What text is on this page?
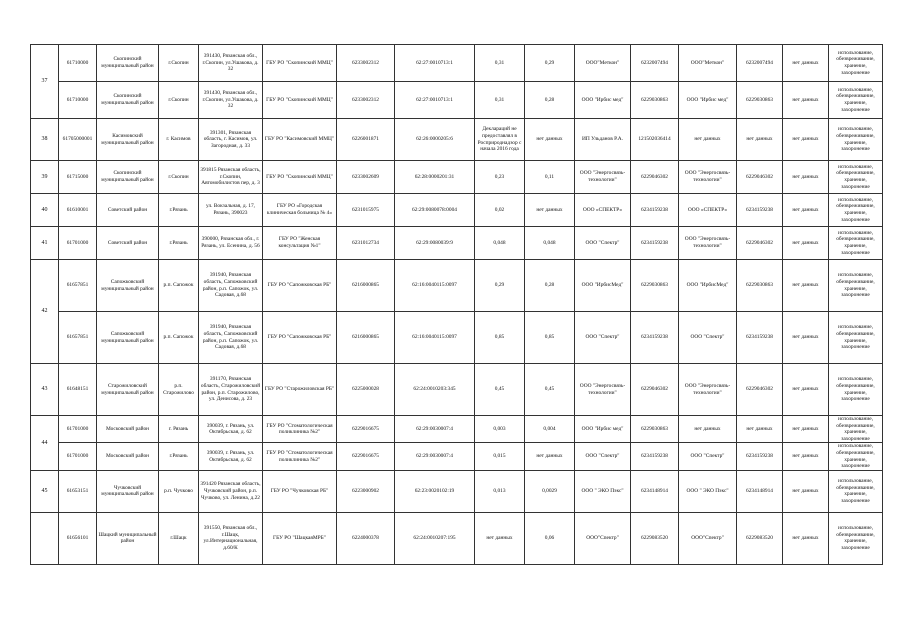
37	61710000	Скопинский муниципальный район	г.Скопин	391430, Рязанская обл., г.Скопин, ул.Ушакова, д. 32	ГБУ РО "Скопинский ММЦ"	6233002312	62:27:0010713:1	0,31	0,29	ООО"Меткон"	6232007494	ООО"Меткон"	6232007494	нет данных	использование, обезвреживание, хранение, захоронение
	61710000	Скопинский муниципальный район	г.Скопин	391430, Рязанская обл., г.Скопин, ул.Ушакова, д. 32	ГБУ РО "Скопинский ММЦ"	6233002312	62:27:0010713:1	0,31	0,28	ООО "Ирбис мед"	6229030863	ООО "Ирбис мед"	6229030863	нет данных	использование, обезвреживание, хранение, захоронение
38	61705000001	Касимовский муниципальный район	г. Касимов	391301, Рязанская область, г. Касимов, ул. Загородная, д. 33	ГБУ РО "Касимовский ММЦ"	6226001871	62:26:0000205:6	Деклараций не предоставлял в Росприроднадзор с начала 2016 года	нет данных	ИП Ульданов Р.А.	121502036414	нет данных	нет данных	нет данных	использование, обезвреживание, хранение, захоронение
39	61715000	Скопинский муниципальный район	г.Скопин	391815 Рязанская область, г.Скопин, Автомобилистов пер, д. 3	ГБУ РО "Скопинский ММЦ"	6233002609	62:28:0000201:31	0,23	0,11	ООО "Энергосвязь- технологии"	6229046302	ООО "Энергосвязь- технологии"	6229046302	нет данных	использование, обезвреживание, хранение, захоронение
40	61610001	Советский район	г.Рязань	ул. Вокзальная, д. 17, Рязань, 390023	ГБУ РО «Городская клиническая больница № 4»	6231015975	62:29:0080078:0004	0,02	нет данных	ООО «СПЕКТР»	6234159238	ООО «СПЕКТР»	6234159238	нет данных	использование, обезвреживание, хранение, захоронение
41	61701000	Советский район	г.Рязань	390000, Рязанская обл., г. Рязань, ул. Есенина, д. 56	ГБУ РО "Женская консультация №1"	6231012734	62:29:0080039:9	0,048	0,048	ООО "Спектр"	6234159238	ООО "Энергосвязь- технологии"	6229046302	нет данных	использование, обезвреживание, хранение, захоронение
42	61657851	Сапожковский муниципальный район	р.п. Сапожок	391940, Рязанская область, Сапожковский район, р.п. Сапожок, ул. Садовая, д.68	ГБУ РО "Сапожковская РБ"	6216000865	62:16:0040115:0097	0,29	0,28	ООО "ИрбисМед"	6229030863	ООО "ИрбисМед"	6229030863	нет данных	использование, обезвреживание, хранение, захоронение
	61657851	Сапожковский муниципальный район	р.п. Сапожок	391940, Рязанская область, Сапожковский район, р.п. Сапожок, ул. Садовая, д.68	ГБУ РО "Сапожковская РБ"	6216000865	62:16:0040115:0097	0,85	0,85	ООО "Спектр"	6234159238	ООО "Спектр"	6234159238	нет данных	использование, обезвреживание, хранение, захоронение
43	61648151	Старожиловский муниципальный район	р.п. Старожилово	391170, Рязанская область, Старожиловский район, р.п. Старожилово, ул. Денисова, д. 23	ГБУ РО "Старожиловская РБ"	6225000028	62:24:0010203:345	0,45	0,45	ООО "Энергосвязь- технологии"	6229046302	ООО "Энергосвязь- технологии"	6229046302	нет данных	использование, обезвреживание, хранение, захоронение
44	61701000	Московский район	г. Рязань	390039, г. Рязань, ул. Октябрьская, д. 62	ГБУ РО "Стоматологическая поликлиника №2"	6229016675	62:29:0030007:4	0,003	0,004	ООО "Ирбис мед"	6229030863	нет данных	нет данных	нет данных	использование, обезвреживание, хранение, захоронение
	61701000	Московский район	г.Рязань	390039, г. Рязань, ул. Октябрьская, д. 62	ГБУ РО "Стоматологическая поликлиника №2"	6229016675	62:29:0030007:4	0,015	нет данных	ООО "Спектр"	6234159238	ООО "Спектр"	6234159238	нет данных	использование, обезвреживание, хранение, захоронение
45	61653151	Чучковский муниципальный район	р.п. Чучково	391420 Рязанская область, Чучковский район, р.п. Чучково, ул. Ленина, д.22	ГБУ РО "Чучковская РБ"	6223000902	62:23:0020102:19	0,013	0,0029	ООО " ЭКО Пэкс"	6234148914	ООО " ЭКО Пэкс"	6234148914	нет данных	использование, обезвреживание, хранение, захоронение
	61656101	Шацкий муниципальный район	г.Шацк	391550, Рязанская обл., г.Шацк, ул.Интернациональная, д.60/К	ГБУ РО "ШацкаяМРБ"	6224000378	62:24:0010207:195	нет данных	0,06	ООО"Спектр"	6229083520	ООО"Спектр"	6229083520	нет данных	использование, обезвреживание, хранение, захоронение
